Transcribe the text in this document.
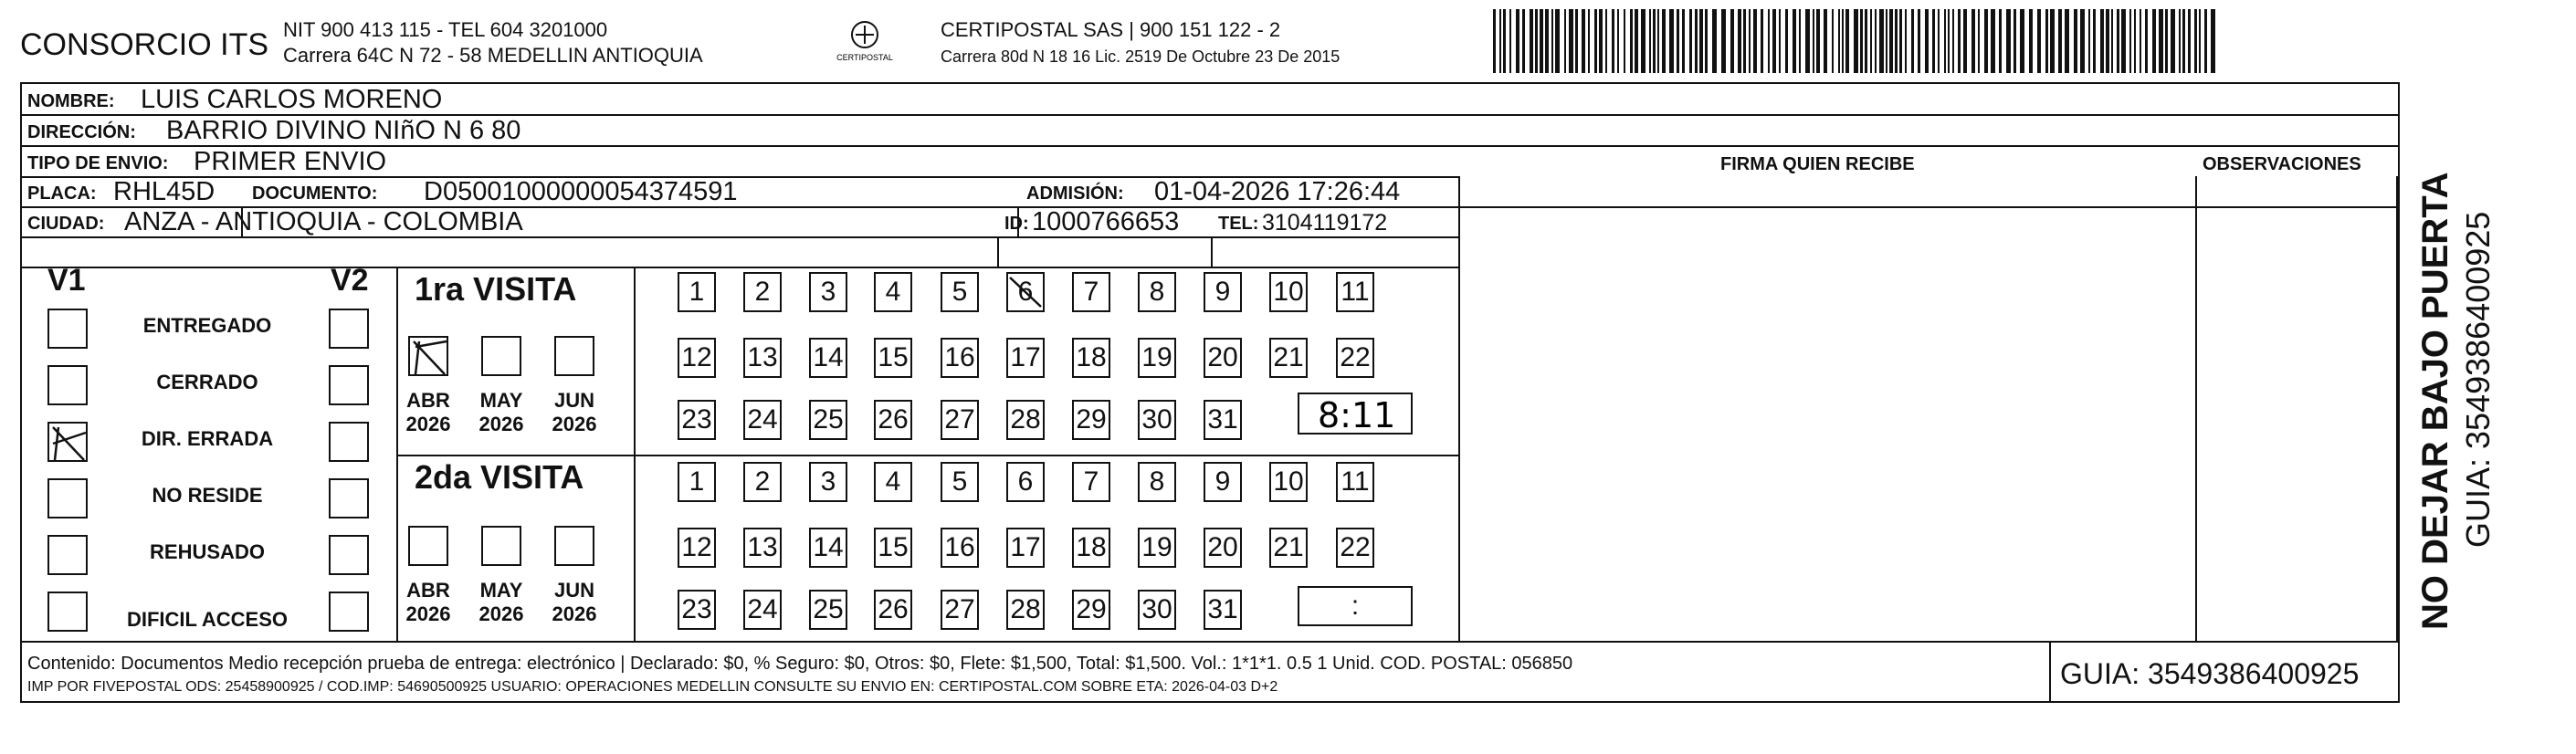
CONSORCIO ITS NIT 900 413 115 - TEL 604 3201000
Carrera 64C N 72 - 58 MEDELLIN ANTIOQUIA	CERTIPOSTAL
CERTIPOSTAL SAS | 900 151 122 - 2
Carrera 80d N 18 16 Lic. 2519 De Octubre 23 De 2015
NOMBRE: LUIS CARLOS MORENO
DIRECCIÓN: BARRIO DIVINO NIñO N 6 80
TIPO DE ENVIO: PRIMER ENVIO	FIRMA QUIEN RECIBE	OBSERVACIONES
PLACA: RHL45D DOCUMENTO: D05001000000054374591	ADMISIÓN: 01-04-2026 17:26:44
CIUDAD: ANZA - ANTIOQUIA - COLOMBIA	ID: 1000766653 TEL: 3104119172
V1	V2
ENTREGADO
CERRADO
DIR. ERRADA
NO RESIDE
REHUSADO
DIFICIL ACCESO
1ra VISITA
ABR
2026
MAY
2026
JUN
2026
1	2	3	4	5	6	7	8	9	10 11
12 13 14 15 16 17 18 19 20 21 22
23 24 25 26 27 28 29 30 31 8:11
2da VISITA
ABR
2026
MAY
2026
JUN
2026
1	2	3	4	5	6	7	8	9	10 11
12 13 14 15 16 17 18 19 20 21 22
23 24 25 26 27 28 29 30 31	:
Contenido: Documentos Medio recepción prueba de entrega: electrónico | Declarado: $0, % Seguro: $0, Otros: $0, Flete: $1,500, Total: $1,500. Vol.: 1*1*1. 0.5 1 Unid. COD. POSTAL: 056850
IMP POR FIVEPOSTAL ODS: 25458900925 / COD.IMP: 54690500925 USUARIO: OPERACIONES MEDELLIN CONSULTE SU ENVIO EN: CERTIPOSTAL.COM SOBRE ETA: 2026-04-03 D+2	GUIA: 3549386400925
NO DEJAR BAJO PUERTA GUIA: 3549386400925
